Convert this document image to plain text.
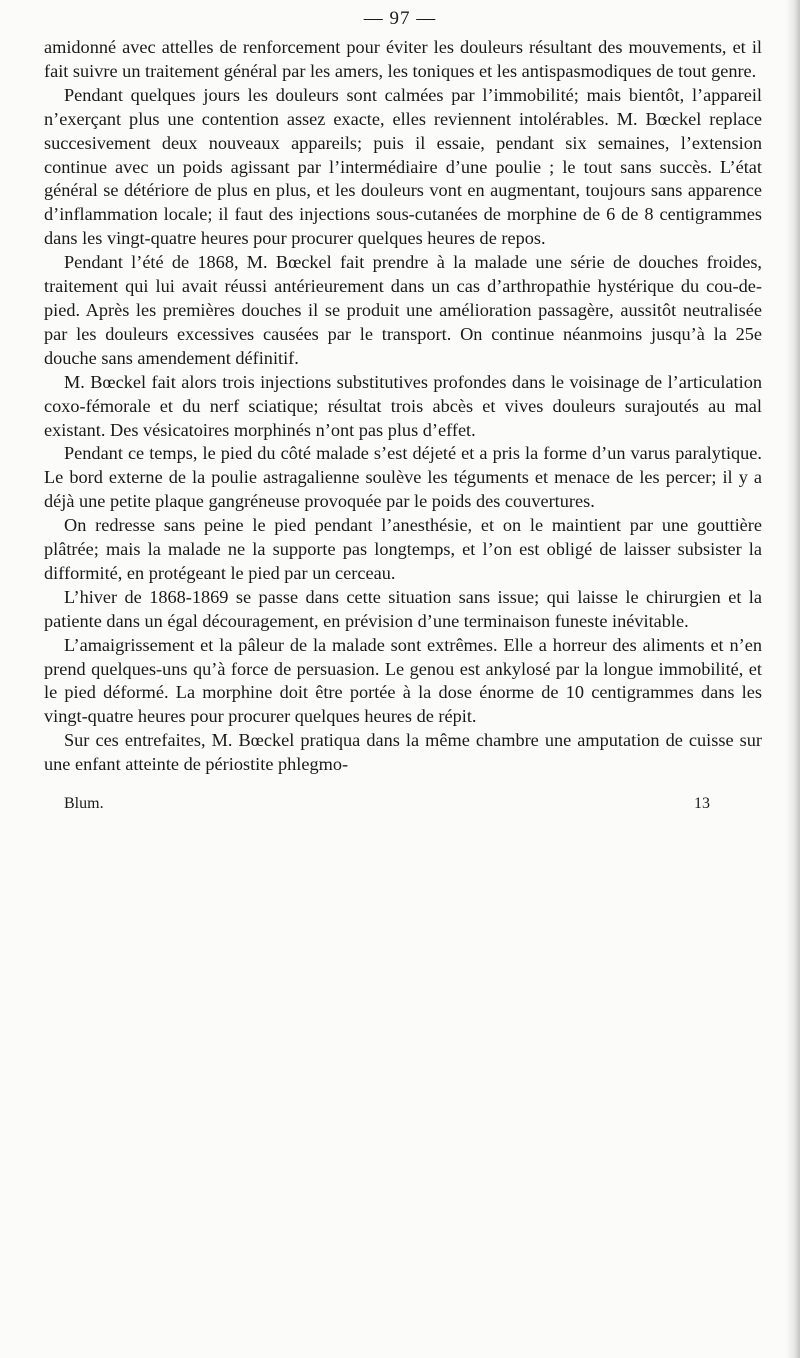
— 97 —

amidonné avec attelles de renforcement pour éviter les douleurs résultant des mouvements, et il fait suivre un traitement général par les amers, les toniques et les antispasmodiques de tout genre.

Pendant quelques jours les douleurs sont calmées par l’immobilité; mais bientôt, l’appareil n’exerçant plus une contention assez exacte, elles reviennent intolérables. M. Bœckel replace succesivement deux nouveaux appareils; puis il essaie, pendant six semaines, l’extension continue avec un poids agissant par l’intermédiaire d’une poulie ; le tout sans succès. L’état général se détériore de plus en plus, et les douleurs vont en augmentant, toujours sans apparence d’inflammation locale; il faut des injections sous-cutanées de morphine de 6 de 8 centigrammes dans les vingt-quatre heures pour procurer quelques heures de repos.

Pendant l’été de 1868, M. Bœckel fait prendre à la malade une série de douches froides, traitement qui lui avait réussi antérieurement dans un cas d’arthropathie hystérique du cou-de-pied. Après les premières douches il se produit une amélioration passagère, aussitôt neutralisée par les douleurs excessives causées par le transport. On continue néanmoins jusqu’à la 25e douche sans amendement définitif.

M. Bœckel fait alors trois injections substitutives profondes dans le voisinage de l’articulation coxo-fémorale et du nerf sciatique; résultat trois abcès et vives douleurs surajoutés au mal existant. Des vésicatoires morphinés n’ont pas plus d’effet.

Pendant ce temps, le pied du côté malade s’est déjeté et a pris la forme d’un varus paralytique. Le bord externe de la poulie astragalienne soulève les téguments et menace de les percer; il y a déjà une petite plaque gangréneuse provoquée par le poids des couvertures.

On redresse sans peine le pied pendant l’anesthésie, et on le maintient par une gouttière plâtrée; mais la malade ne la supporte pas longtemps, et l’on est obligé de laisser subsister la difformité, en protégeant le pied par un cerceau.

L’hiver de 1868-1869 se passe dans cette situation sans issue; qui laisse le chirurgien et la patiente dans un égal découragement, en prévision d’une terminaison funeste inévitable.

L’amaigrissement et la pâleur de la malade sont extrêmes. Elle a horreur des aliments et n’en prend quelques-uns qu’à force de persuasion. Le genou est ankylosé par la longue immobilité, et le pied déformé. La morphine doit être portée à la dose énorme de 10 centigrammes dans les vingt-quatre heures pour procurer quelques heures de répit.

Sur ces entrefaites, M. Bœckel pratiqua dans la même chambre une amputation de cuisse sur une enfant atteinte de périostite phlegmo-

Blum.	13
